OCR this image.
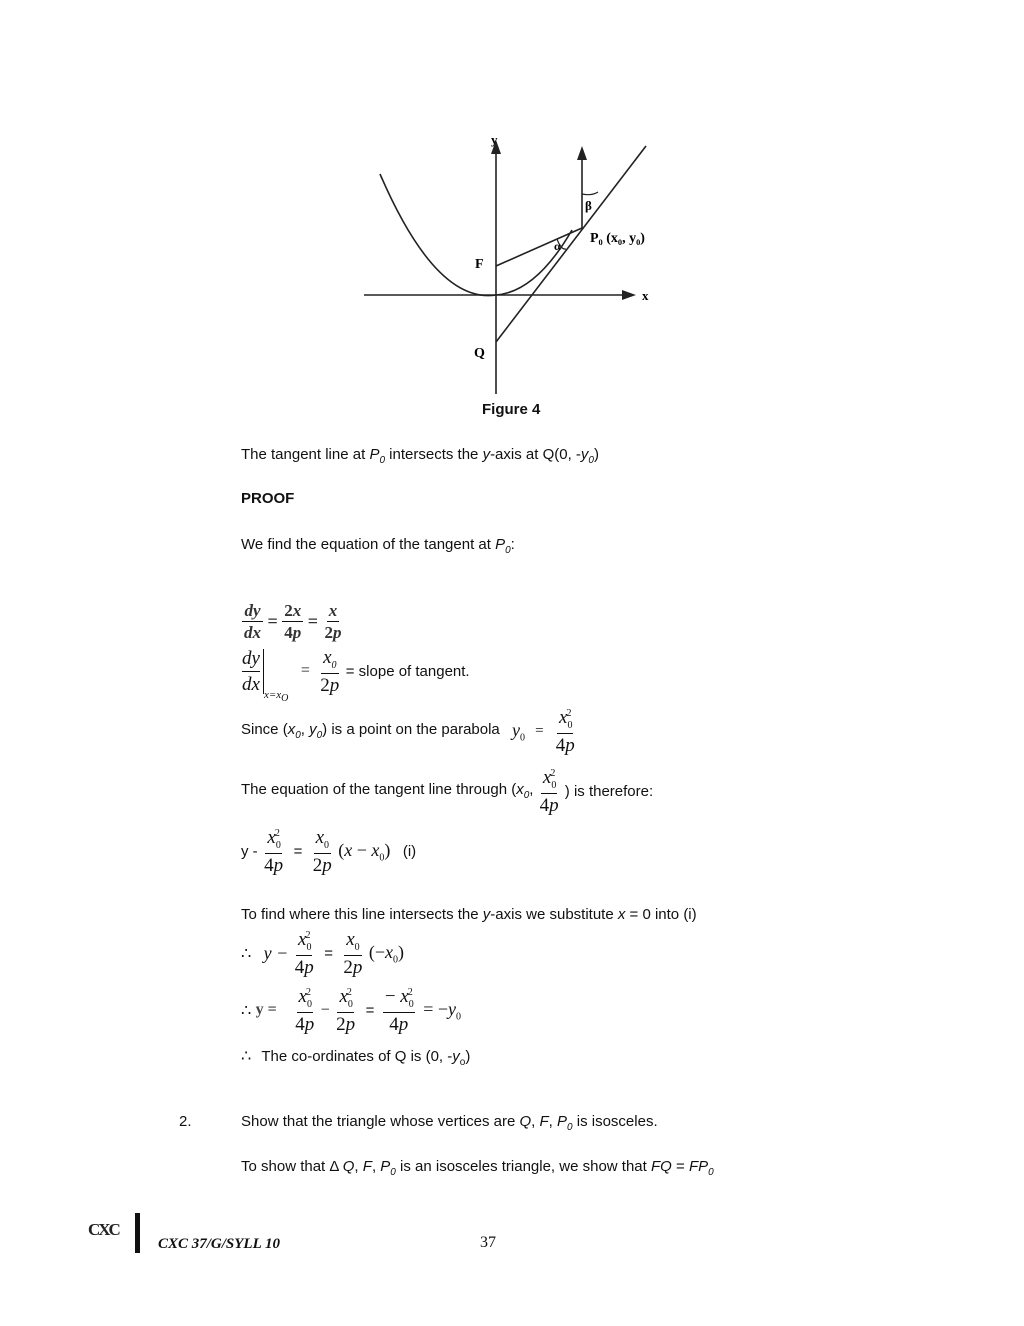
y
x
F
Q
α
β
P₀ (x₀, y₀)
Figure 4
The tangent line at $P_0$ intersects the y-axis at Q(0, $-y_0$)
PROOF
We find the equation of the tangent at $P_0$:
$\frac{dy}{dx} = \frac{2x}{4p} = \frac{x}{2p}$
$\frac{dy}{dx}$
$_{x=x_O} = \frac{x_0}{2p}$ = slope of tangent.
Since ($x_0$, $y_0$) is a point on the parabola $y_0 = \frac{x_0^2}{4p}$
The equation of the tangent line through ($x_0$, $\frac{x_0^2}{4p}$ ) is therefore:
$y - \frac{x_0^2}{4p} = \frac{x_0}{2p} (x - x_0)$ (i)
To find where this line intersects the y-axis we substitute x = 0 into (i)
∴ $y - \frac{x_0^2}{4p} = \frac{x_0}{2p} (-x_0)$
∴ $y = \frac{x_0^2}{4p} - \frac{x_0^2}{2p} = \frac{- x_0^2}{4p} = -y_0$
∴ The co-ordinates of Q is (0, $-y_o$)
2.	Show that the triangle whose vertices are Q, F, $P_0$ is isosceles.
To show that Δ Q, F, $P_0$ is an isosceles triangle, we show that FQ = $FP_0$
CXC
CXC 37/G/SYLL 10	37
